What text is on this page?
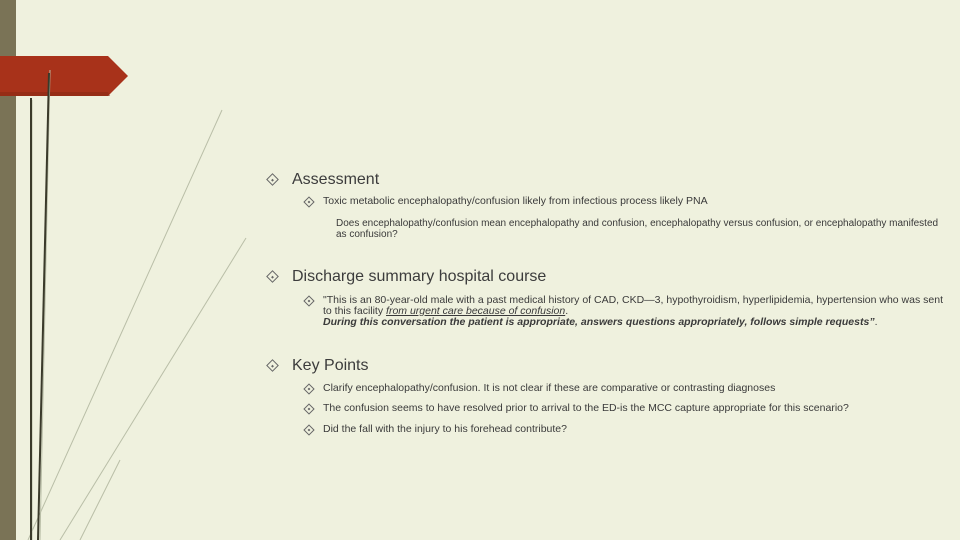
Assessment
Toxic metabolic encephalopathy/confusion likely from infectious process likely PNA
Does encephalopathy/confusion mean encephalopathy and confusion, encephalopathy versus confusion, or encephalopathy manifested as confusion?
Discharge summary hospital course
"This is an 80-year-old male with a past medical history of CAD, CKD—3, hypothyroidism, hyperlipidemia, hypertension who was sent to this facility from urgent care because of confusion.
During this conversation the patient is appropriate, answers questions appropriately, follows simple requests”.
Key Points
Clarify encephalopathy/confusion. It is not clear if these are comparative or contrasting diagnoses
The confusion seems to have resolved prior to arrival to the ED-is the MCC capture appropriate for this scenario?
Did the fall with the injury to his forehead contribute?
